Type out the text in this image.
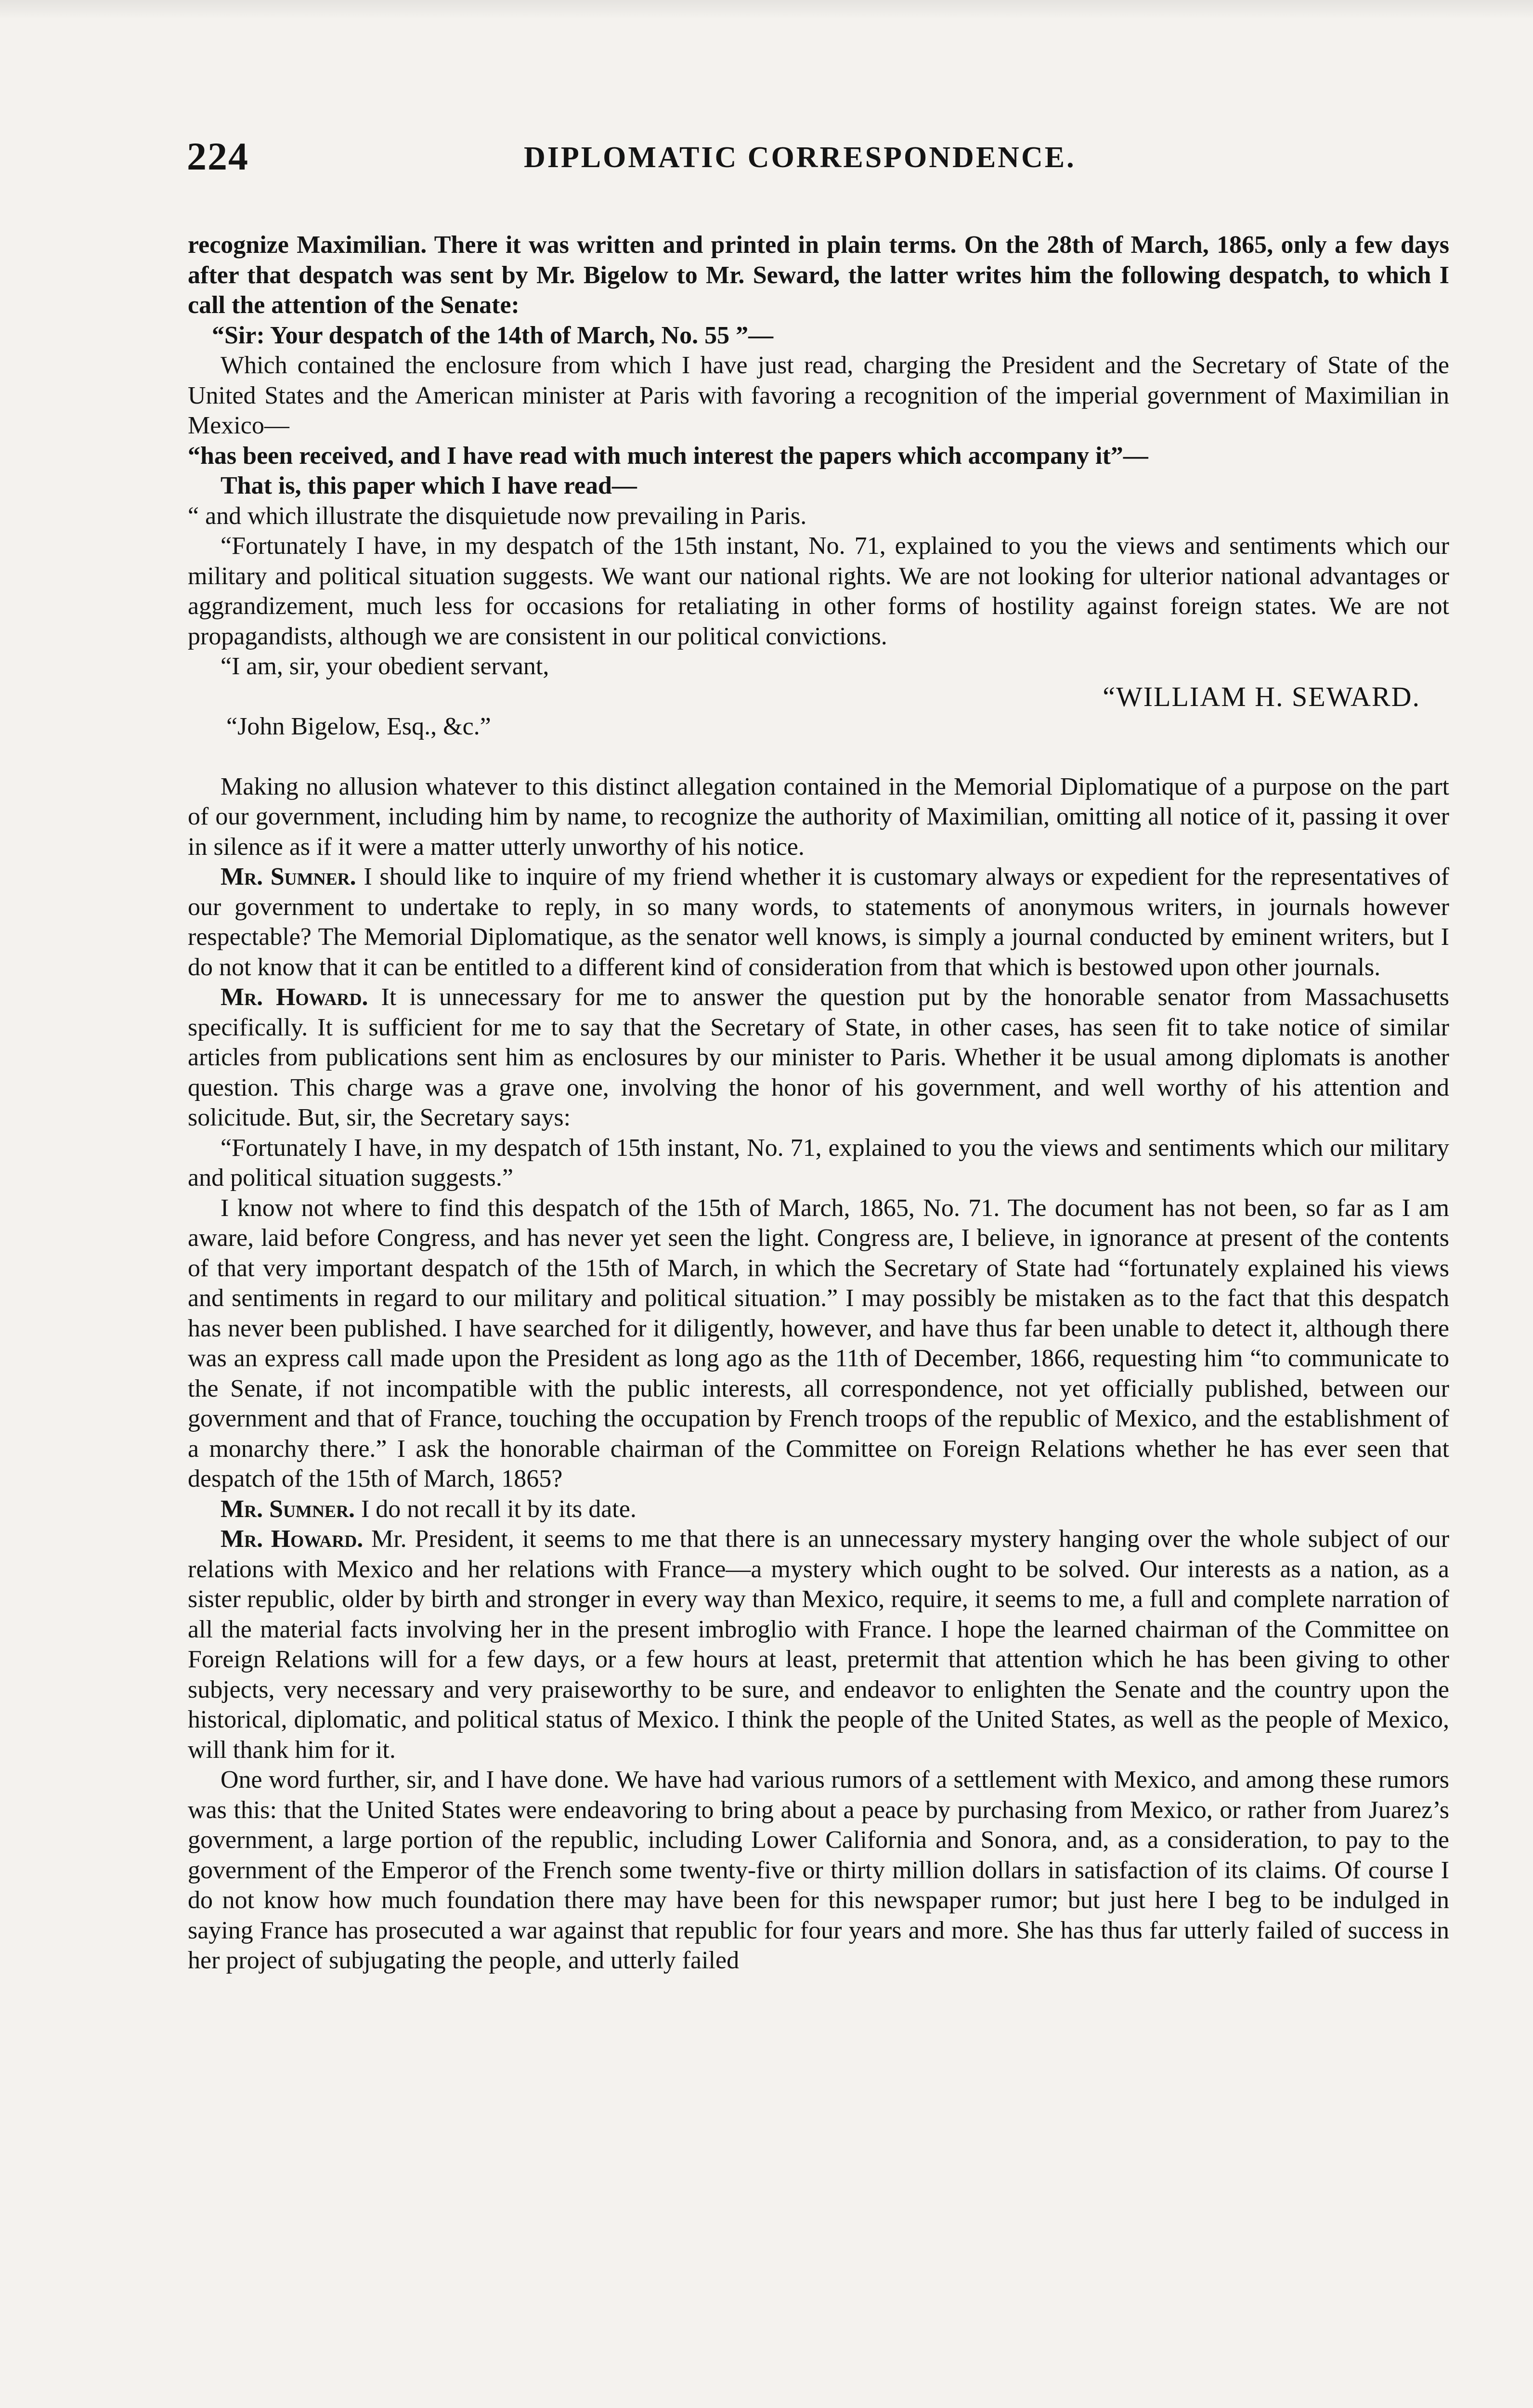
224	DIPLOMATIC CORRESPONDENCE.

recognize Maximilian. There it was written and printed in plain terms. On the 28th of March, 1865, only a few days after that despatch was sent by Mr. Bigelow to Mr. Seward, the latter writes him the following despatch, to which I call the attention of the Senate:

“Sir: Your despatch of the 14th of March, No. 55 ”—

Which contained the enclosure from which I have just read, charging the President and the Secretary of State of the United States and the American minister at Paris with favoring a recognition of the imperial government of Maximilian in Mexico—

“has been received, and I have read with much interest the papers which accompany it”—

That is, this paper which I have read—

“ and which illustrate the disquietude now prevailing in Paris.

“Fortunately I have, in my despatch of the 15th instant, No. 71, explained to you the views and sentiments which our military and political situation suggests. We want our national rights. We are not looking for ulterior national advantages or aggrandizement, much less for occasions for retaliating in other forms of hostility against foreign states. We are not propagandists, although we are consistent in our political convictions.

“I am, sir, your obedient servant,

“WILLIAM H. SEWARD.

“John Bigelow, Esq., &c.”

Making no allusion whatever to this distinct allegation contained in the Memorial Diplomatique of a purpose on the part of our government, including him by name, to recognize the authority of Maximilian, omitting all notice of it, passing it over in silence as if it were a matter utterly unworthy of his notice.

Mr. Sumner. I should like to inquire of my friend whether it is customary always or expedient for the representatives of our government to undertake to reply, in so many words, to statements of anonymous writers, in journals however respectable? The Memorial Diplomatique, as the senator well knows, is simply a journal conducted by eminent writers, but I do not know that it can be entitled to a different kind of consideration from that which is bestowed upon other journals.

Mr. Howard. It is unnecessary for me to answer the question put by the honorable senator from Massachusetts specifically. It is sufficient for me to say that the Secretary of State, in other cases, has seen fit to take notice of similar articles from publications sent him as enclosures by our minister to Paris. Whether it be usual among diplomats is another question. This charge was a grave one, involving the honor of his government, and well worthy of his attention and solicitude. But, sir, the Secretary says:

“Fortunately I have, in my despatch of 15th instant, No. 71, explained to you the views and sentiments which our military and political situation suggests.”

I know not where to find this despatch of the 15th of March, 1865, No. 71. The document has not been, so far as I am aware, laid before Congress, and has never yet seen the light. Congress are, I believe, in ignorance at present of the contents of that very important despatch of the 15th of March, in which the Secretary of State had “fortunately explained his views and sentiments in regard to our military and political situation.” I may possibly be mistaken as to the fact that this despatch has never been published. I have searched for it diligently, however, and have thus far been unable to detect it, although there was an express call made upon the President as long ago as the 11th of December, 1866, requesting him “to communicate to the Senate, if not incompatible with the public interests, all correspondence, not yet officially published, between our government and that of France, touching the occupation by French troops of the republic of Mexico, and the establishment of a monarchy there.” I ask the honorable chairman of the Committee on Foreign Relations whether he has ever seen that despatch of the 15th of March, 1865?

Mr. Sumner. I do not recall it by its date.

Mr. Howard. Mr. President, it seems to me that there is an unnecessary mystery hanging over the whole subject of our relations with Mexico and her relations with France—a mystery which ought to be solved. Our interests as a nation, as a sister republic, older by birth and stronger in every way than Mexico, require, it seems to me, a full and complete narration of all the material facts involving her in the present imbroglio with France. I hope the learned chairman of the Committee on Foreign Relations will for a few days, or a few hours at least, pretermit that attention which he has been giving to other subjects, very necessary and very praiseworthy to be sure, and endeavor to enlighten the Senate and the country upon the historical, diplomatic, and political status of Mexico. I think the people of the United States, as well as the people of Mexico, will thank him for it.

One word further, sir, and I have done. We have had various rumors of a settlement with Mexico, and among these rumors was this: that the United States were endeavoring to bring about a peace by purchasing from Mexico, or rather from Juarez’s government, a large portion of the republic, including Lower California and Sonora, and, as a consideration, to pay to the government of the Emperor of the French some twenty-five or thirty million dollars in satisfaction of its claims. Of course I do not know how much foundation there may have been for this newspaper rumor; but just here I beg to be indulged in saying France has prosecuted a war against that republic for four years and more. She has thus far utterly failed of success in her project of subjugating the people, and utterly failed
